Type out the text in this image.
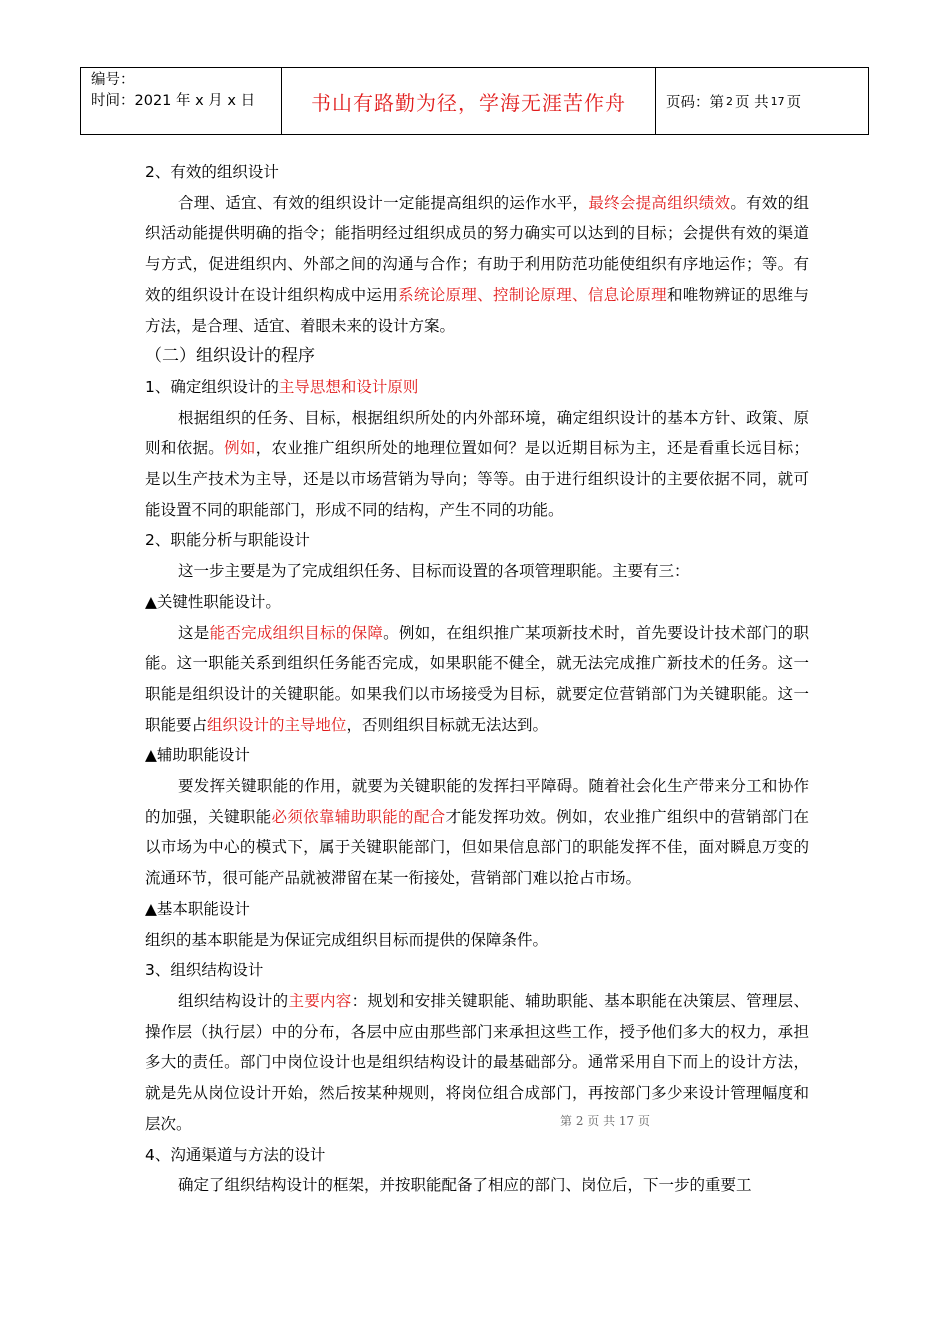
编号：
时间：2021 年 x 月 x 日	书山有路勤为径，学海无涯苦作舟	页码：第 2 页 共 17 页

2、有效的组织设计

合理、适宜、有效的组织设计一定能提高组织的运作水平，最终会提高组织绩效。有效的组织活动能提供明确的指令；能指明经过组织成员的努力确实可以达到的目标；会提供有效的渠道与方式，促进组织内、外部之间的沟通与合作；有助于利用防范功能使组织有序地运作；等。有效的组织设计在设计组织构成中运用系统论原理、控制论原理、信息论原理和唯物辨证的思维与方法，是合理、适宜、着眼未来的设计方案。

（二）组织设计的程序

1、确定组织设计的主导思想和设计原则

根据组织的任务、目标，根据组织所处的内外部环境，确定组织设计的基本方针、政策、原则和依据。例如，农业推广组织所处的地理位置如何？是以近期目标为主，还是看重长远目标；是以生产技术为主导，还是以市场营销为导向；等等。由于进行组织设计的主要依据不同，就可能设置不同的职能部门，形成不同的结构，产生不同的功能。

2、职能分析与职能设计

这一步主要是为了完成组织任务、目标而设置的各项管理职能。主要有三：

▲关键性职能设计。

这是能否完成组织目标的保障。例如，在组织推广某项新技术时，首先要设计技术部门的职能。这一职能关系到组织任务能否完成，如果职能不健全，就无法完成推广新技术的任务。这一职能是组织设计的关键职能。如果我们以市场接受为目标，就要定位营销部门为关键职能。这一职能要占组织设计的主导地位，否则组织目标就无法达到。

▲辅助职能设计

要发挥关键职能的作用，就要为关键职能的发挥扫平障碍。随着社会化生产带来分工和协作的加强，关键职能必须依靠辅助职能的配合才能发挥功效。例如，农业推广组织中的营销部门在以市场为中心的模式下，属于关键职能部门，但如果信息部门的职能发挥不佳，面对瞬息万变的流通环节，很可能产品就被滞留在某一衔接处，营销部门难以抢占市场。

▲基本职能设计

组织的基本职能是为保证完成组织目标而提供的保障条件。

3、组织结构设计

组织结构设计的主要内容：规划和安排关键职能、辅助职能、基本职能在决策层、管理层、操作层（执行层）中的分布，各层中应由那些部门来承担这些工作，授予他们多大的权力，承担多大的责任。部门中岗位设计也是组织结构设计的最基础部分。通常采用自下而上的设计方法，就是先从岗位设计开始，然后按某种规则，将岗位组合成部门，再按部门多少来设计管理幅度和层次。

4、沟通渠道与方法的设计

确定了组织结构设计的框架，并按职能配备了相应的部门、岗位后，下一步的重要工

第 2 页 共 17 页
